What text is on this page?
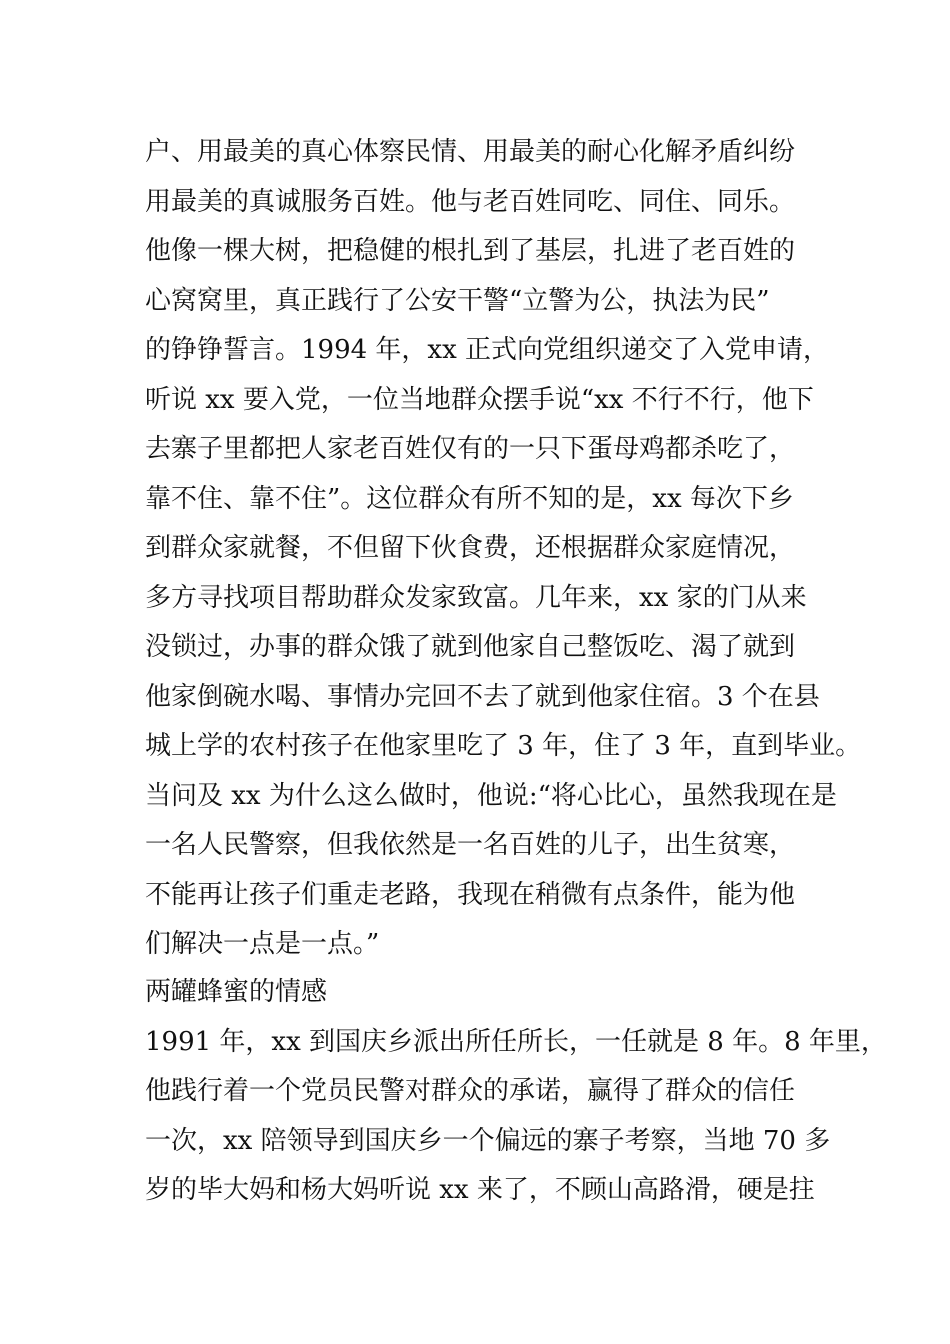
户、用最美的真心体察民情、用最美的耐心化解矛盾纠纷
用最美的真诚服务百姓。他与老百姓同吃、同住、同乐。
他像一棵大树，把稳健的根扎到了基层，扎进了老百姓的
心窝窝里，真正践行了公安干警“立警为公，执法为民”
的铮铮誓言。1994 年，xx 正式向党组织递交了入党申请，
听说 xx 要入党，一位当地群众摆手说“xx 不行不行，他下
去寨子里都把人家老百姓仅有的一只下蛋母鸡都杀吃了，
靠不住、靠不住”。这位群众有所不知的是，xx 每次下乡
到群众家就餐，不但留下伙食费，还根据群众家庭情况，
多方寻找项目帮助群众发家致富。几年来，xx 家的门从来
没锁过，办事的群众饿了就到他家自己整饭吃、渴了就到
他家倒碗水喝、事情办完回不去了就到他家住宿。3 个在县
城上学的农村孩子在他家里吃了 3 年，住了 3 年，直到毕业。
当问及 xx 为什么这么做时，他说:“将心比心，虽然我现在是
一名人民警察，但我依然是一名百姓的儿子，出生贫寒，
不能再让孩子们重走老路，我现在稍微有点条件，能为他
们解决一点是一点。”
两罐蜂蜜的情感
1991 年，xx 到国庆乡派出所任所长，一任就是 8 年。8 年里，
他践行着一个党员民警对群众的承诺，赢得了群众的信任
一次，xx 陪领导到国庆乡一个偏远的寨子考察，当地 70 多
岁的毕大妈和杨大妈听说 xx 来了，不顾山高路滑，硬是拄
